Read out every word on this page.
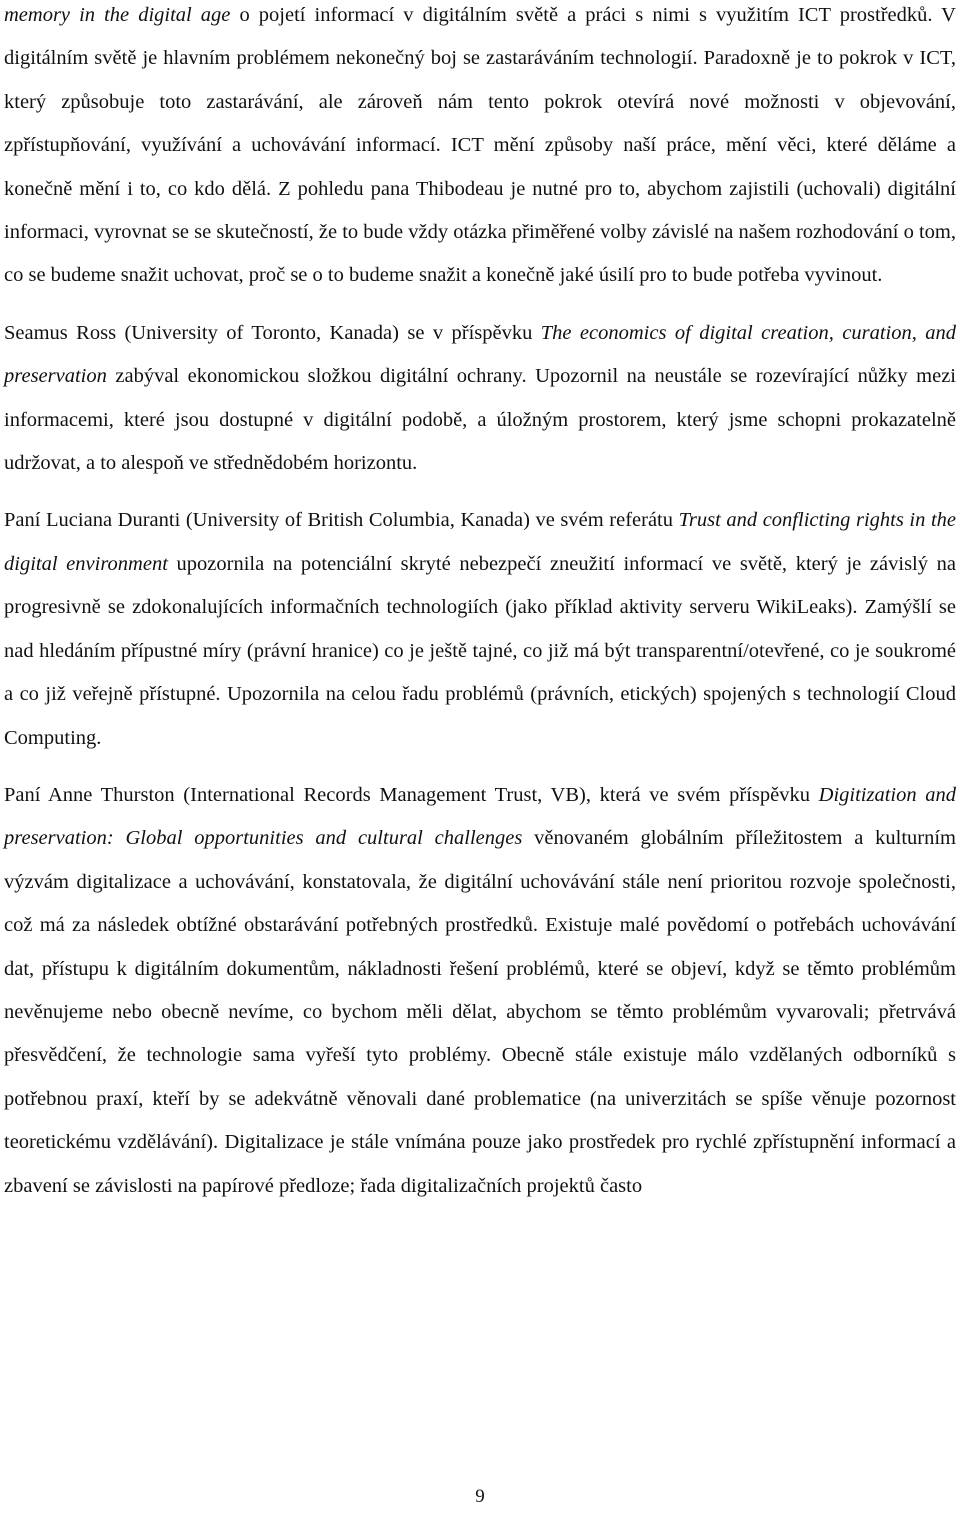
memory in the digital age o pojetí informací v digitálním světě a práci s nimi s využitím ICT prostředků. V digitálním světě je hlavním problémem nekonečný boj se zastaráváním technologií. Paradoxně je to pokrok v ICT, který způsobuje toto zastarávání, ale zároveň nám tento pokrok otevírá nové možnosti v objevování, zpřístupňování, využívání a uchovávání informací. ICT mění způsoby naší práce, mění věci, které děláme a konečně mění i to, co kdo dělá. Z pohledu pana Thibodeau je nutné pro to, abychom zajistili (uchovali) digitální informaci, vyrovnat se se skutečností, že to bude vždy otázka přiměřené volby závislé na našem rozhodování o tom, co se budeme snažit uchovat, proč se o to budeme snažit a konečně jaké úsilí pro to bude potřeba vyvinout.

Seamus Ross (University of Toronto, Kanada) se v příspěvku The economics of digital creation, curation, and preservation zabýval ekonomickou složkou digitální ochrany. Upozornil na neustále se rozevírající nůžky mezi informacemi, které jsou dostupné v digitální podobě, a úložným prostorem, který jsme schopni prokazatelně udržovat, a to alespoň ve střednědobém horizontu.

Paní Luciana Duranti (University of British Columbia, Kanada) ve svém referátu Trust and conflicting rights in the digital environment upozornila na potenciální skryté nebezpečí zneužití informací ve světě, který je závislý na progresivně se zdokonalujících informačních technologiích (jako příklad aktivity serveru WikiLeaks). Zamýšlí se nad hledáním přípustné míry (právní hranice) co je ještě tajné, co již má být transparentní/otevřené, co je soukromé a co již veřejně přístupné. Upozornila na celou řadu problémů (právních, etických) spojených s technologií Cloud Computing.

Paní Anne Thurston (International Records Management Trust, VB), která ve svém příspěvku Digitization and preservation: Global opportunities and cultural challenges věnovaném globálním příležitostem a kulturním výzvám digitalizace a uchovávání, konstatovala, že digitální uchovávání stále není prioritou rozvoje společnosti, což má za následek obtížné obstarávání potřebných prostředků. Existuje malé povědomí o potřebách uchovávání dat, přístupu k digitálním dokumentům, nákladnosti řešení problémů, které se objeví, když se těmto problémům nevěnujeme nebo obecně nevíme, co bychom měli dělat, abychom se těmto problémům vyvarovali; přetrvává přesvědčení, že technologie sama vyřeší tyto problémy. Obecně stále existuje málo vzdělaných odborníků s potřebnou praxí, kteří by se adekvátně věnovali dané problematice (na univerzitách se spíše věnuje pozornost teoretickému vzdělávání). Digitalizace je stále vnímána pouze jako prostředek pro rychlé zpřístupnění informací a zbavení se závislosti na papírové předloze; řada digitalizačních projektů často

9
